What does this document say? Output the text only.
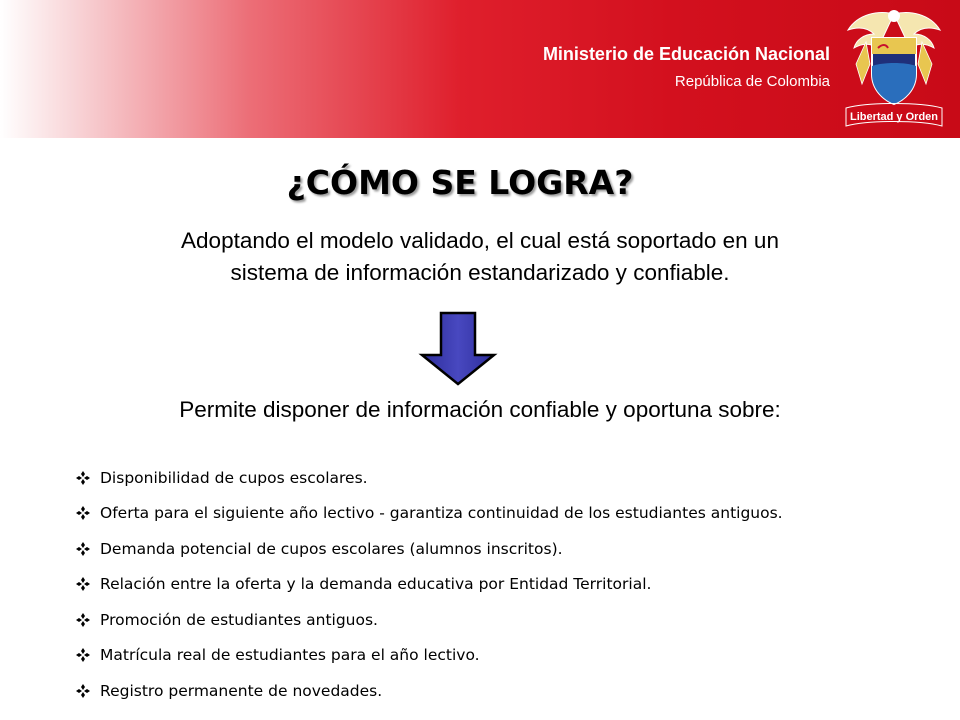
Ministerio de Educación Nacional
República de Colombia
Libertad y Orden
¿CÓMO SE LOGRA?
Adoptando el modelo validado, el cual está soportado en un
sistema de información estandarizado y confiable.
Permite disponer de información confiable y oportuna sobre:
Disponibilidad de cupos escolares.
Oferta para el siguiente año lectivo - garantiza continuidad de los estudiantes antiguos.
Demanda potencial de cupos escolares (alumnos inscritos).
Relación entre la oferta y la demanda educativa por Entidad Territorial.
Promoción de estudiantes antiguos.
Matrícula real de estudiantes para el año lectivo.
Registro permanente de novedades.
